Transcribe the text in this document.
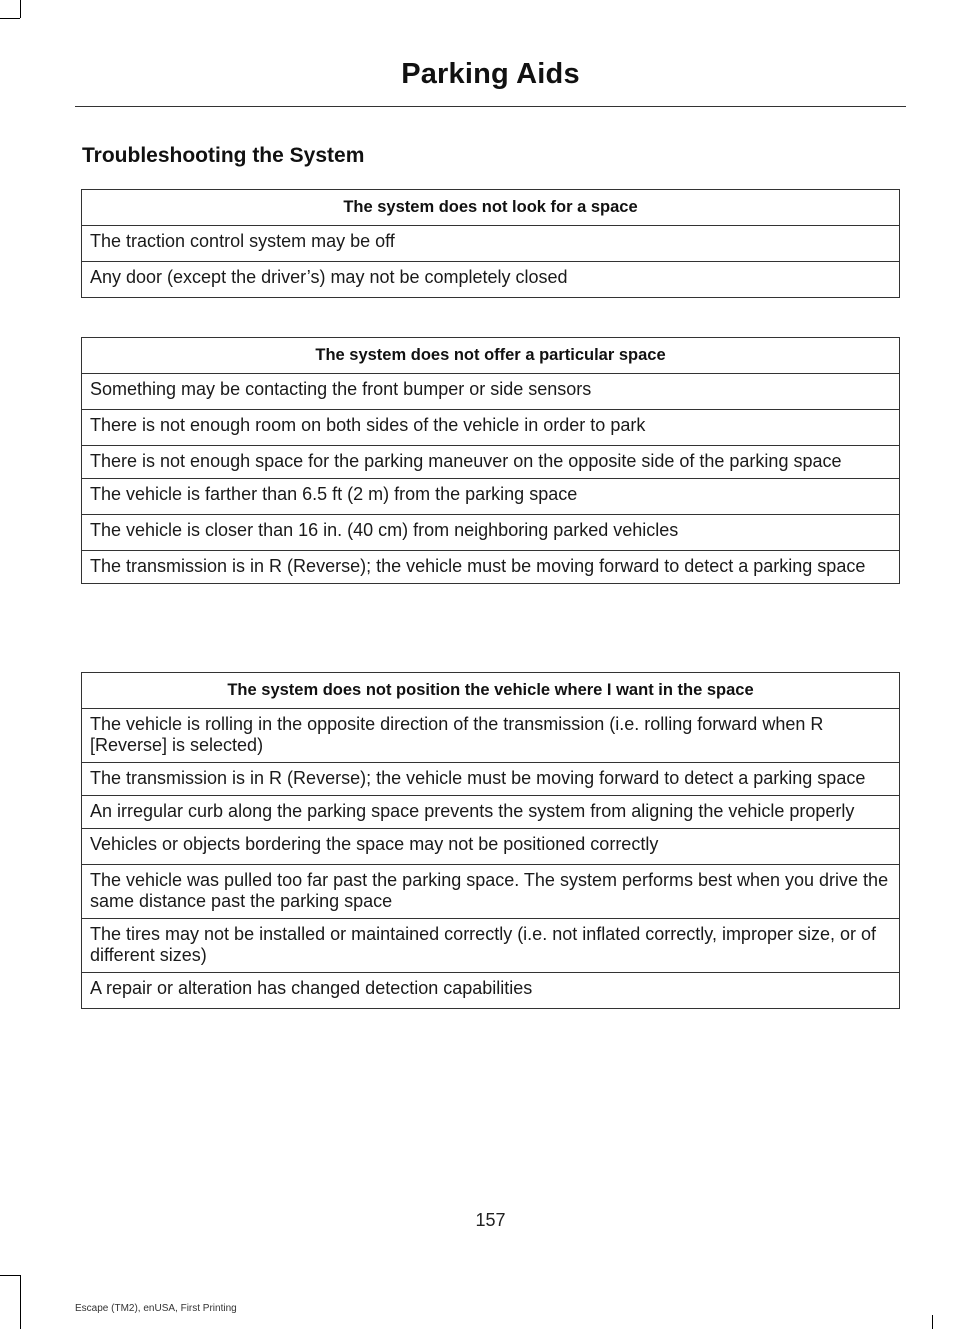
Parking Aids
Troubleshooting the System
The system does not look for a space
The traction control system may be off
Any door (except the driver’s) may not be completely closed
The system does not offer a particular space
Something may be contacting the front bumper or side sensors
There is not enough room on both sides of the vehicle in order to park
There is not enough space for the parking maneuver on the opposite side of the parking space
The vehicle is farther than 6.5 ft (2 m) from the parking space
The vehicle is closer than 16 in. (40 cm) from neighboring parked vehicles
The transmission is in R (Reverse); the vehicle must be moving forward to detect a parking space
The system does not position the vehicle where I want in the space
The vehicle is rolling in the opposite direction of the transmission (i.e. rolling forward when R [Reverse] is selected)
The transmission is in R (Reverse); the vehicle must be moving forward to detect a parking space
An irregular curb along the parking space prevents the system from aligning the vehicle properly
Vehicles or objects bordering the space may not be positioned correctly
The vehicle was pulled too far past the parking space. The system performs best when you drive the same distance past the parking space
The tires may not be installed or maintained correctly (i.e. not inflated correctly, improper size, or of different sizes)
A repair or alteration has changed detection capabilities
157
Escape (TM2), enUSA, First Printing
